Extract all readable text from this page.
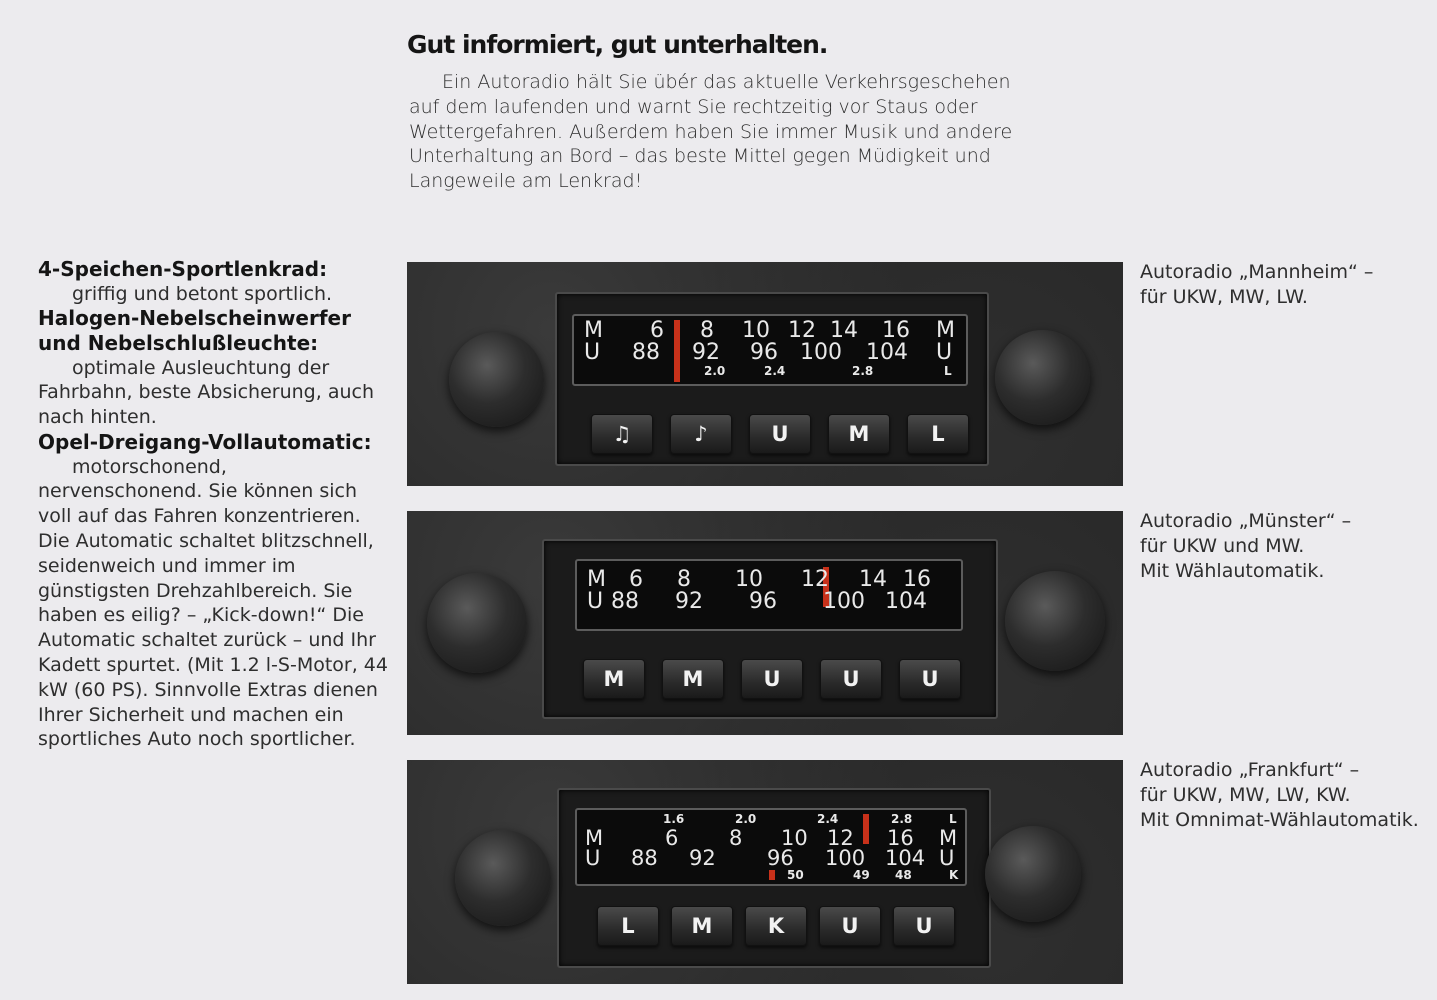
Gut informiert, gut unterhalten.

Ein Autoradio hält Sie übér das aktuelle Verkehrsgeschehen auf dem laufenden und warnt Sie rechtzeitig vor Staus oder Wettergefahren. Außerdem haben Sie immer Musik und andere Unterhaltung an Bord – das beste Mittel gegen Müdigkeit und Langeweile am Lenkrad!

4-Speichen-Sportlenkrad:

griffig und betont sportlich.

Halogen-Nebelscheinwerfer und Nebelschlußleuchte:

optimale Ausleuchtung der Fahrbahn, beste Absicherung, auch nach hinten.

Opel-Dreigang-Vollautomatic:

motorschonend, nervenschonend. Sie können sich voll auf das Fahren konzentrieren. Die Automatic schaltet blitzschnell, seidenweich und immer im günstigsten Drehzahlbereich. Sie haben es eilig? – „Kick-down!“ Die Automatic schaltet zurück – und Ihr Kadett spurtet. (Mit 1.2 l-S-Motor, 44 kW (60 PS). Sinnvolle Extras dienen Ihrer Sicherheit und machen ein sportliches Auto noch sportlicher.

M 6 8 10 12 14 16 M
U 88 92 96 100 104 U
2.0	2.4	2.8	L
♫	♪	U	M	L
Autoradio „Mannheim“ –
für UKW, MW, LW.
M 6 8 10 12 14 16
U 88 92 96 100 104
M	M	U	U	U
Autoradio „Münster“ –
für UKW und MW.
Mit Wählautomatik.
1.6	2.0	2.4	2.8	L
M	6 8 10 12 16 M
U 88 92 96 100 104 U
50	49 48	K
L	M	K	U	U
Autoradio „Frankfurt“ –
für UKW, MW, LW, KW.
Mit Omnimat-Wählautomatik.
